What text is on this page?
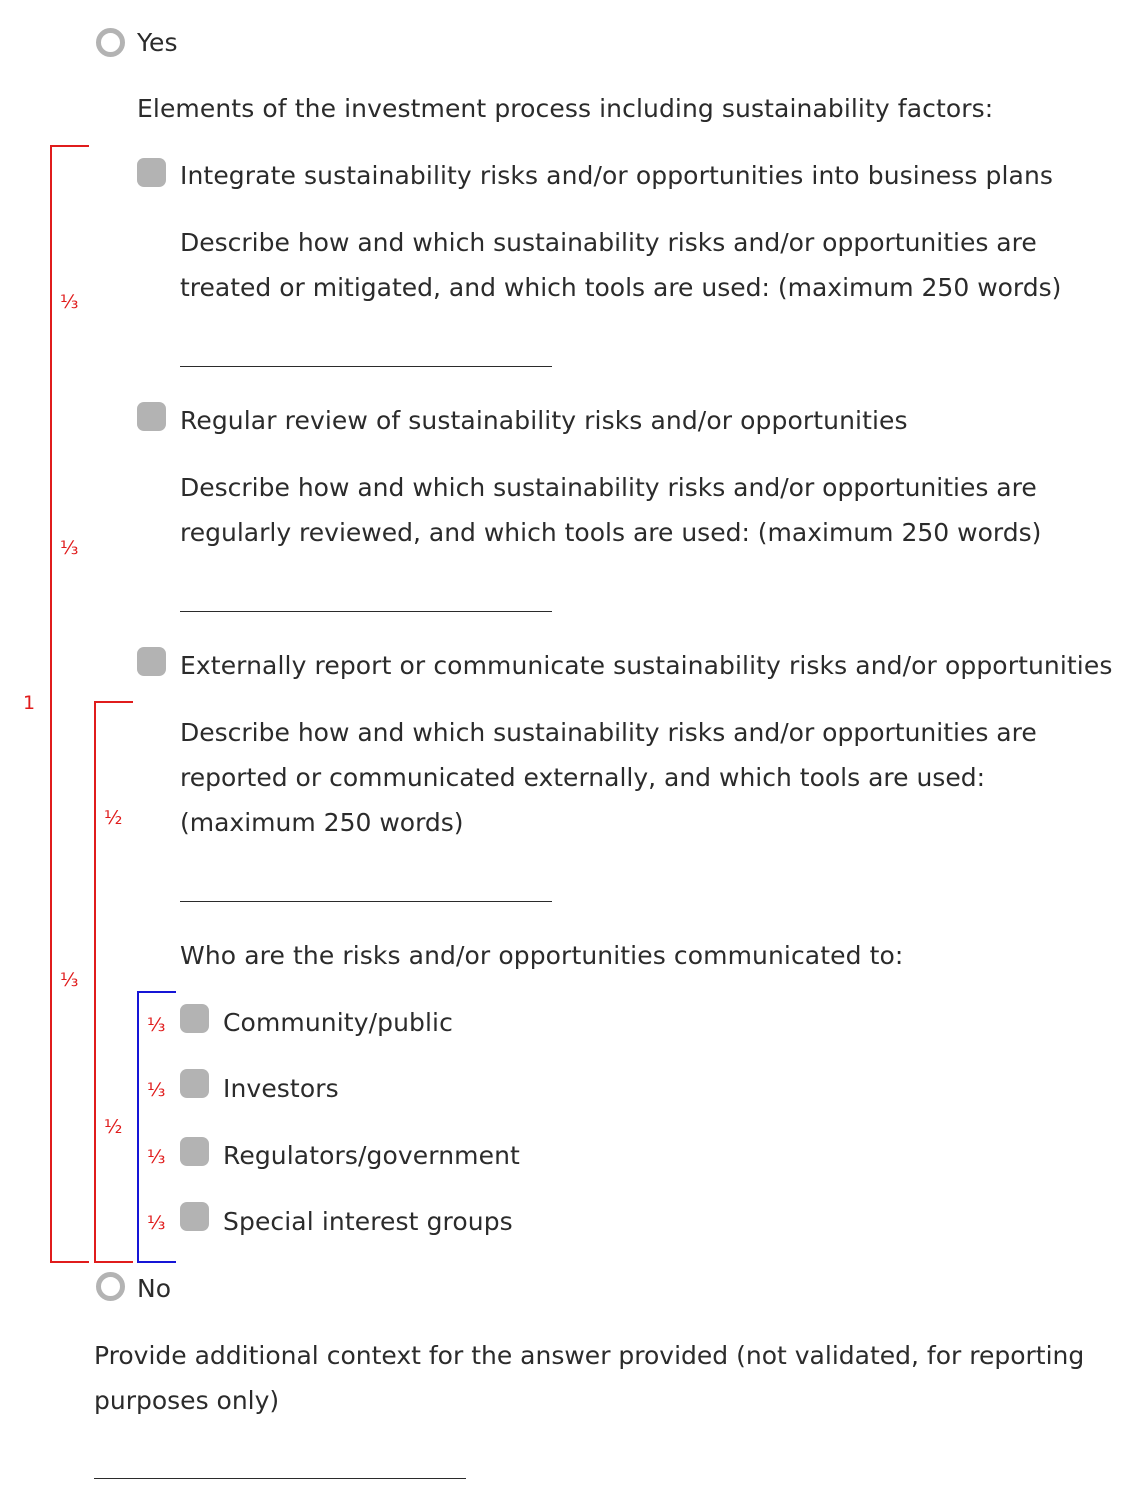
Yes
Elements of the investment process including sustainability factors:
Integrate sustainability risks and/or opportunities into business plans
Describe how and which sustainability risks and/or opportunities are treated or mitigated, and which tools are used: (maximum 250 words)
Regular review of sustainability risks and/or opportunities
Describe how and which sustainability risks and/or opportunities are regularly reviewed, and which tools are used: (maximum 250 words)
Externally report or communicate sustainability risks and/or opportunities
Describe how and which sustainability risks and/or opportunities are reported or communicated externally, and which tools are used: (maximum 250 words)
Who are the risks and/or opportunities communicated to:
Community/public
Investors
Regulators/government
Special interest groups
No
Provide additional context for the answer provided (not validated, for reporting purposes only)
1
⅓
⅓
⅓
½
½
⅓
⅓
⅓
⅓
